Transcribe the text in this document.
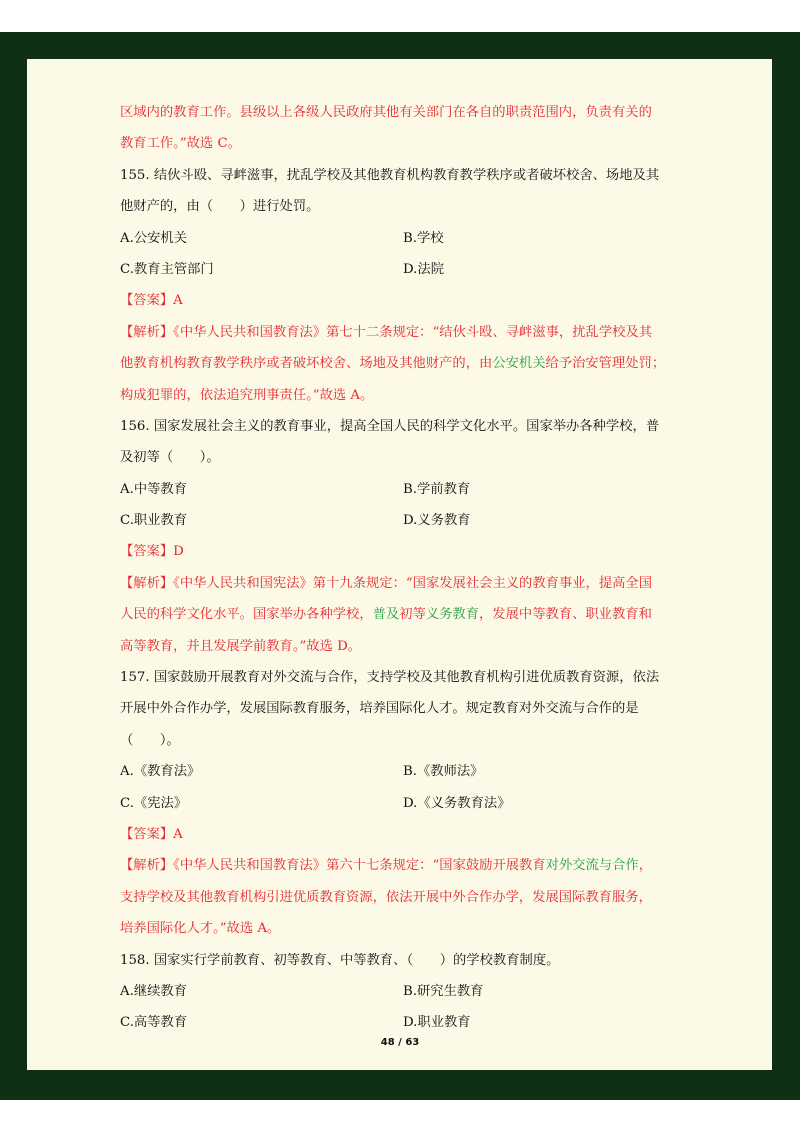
区域内的教育工作。县级以上各级人民政府其他有关部门在各自的职责范围内，负责有关的
教育工作。”故选 C。
155. 结伙斗殴、寻衅滋事，扰乱学校及其他教育机构教育教学秩序或者破坏校舍、场地及其
他财产的，由（　　）进行处罚。
A.公安机关	B.学校
C.教育主管部门	D.法院
【答案】A
【解析】《中华人民共和国教育法》第七十二条规定：“结伙斗殴、寻衅滋事，扰乱学校及其
他教育机构教育教学秩序或者破坏校舍、场地及其他财产的，由公安机关给予治安管理处罚；
构成犯罪的，依法追究刑事责任。”故选 A。
156. 国家发展社会主义的教育事业，提高全国人民的科学文化水平。国家举办各种学校，普
及初等（　　）。
A.中等教育	B.学前教育
C.职业教育	D.义务教育
【答案】D
【解析】《中华人民共和国宪法》第十九条规定：“国家发展社会主义的教育事业，提高全国
人民的科学文化水平。国家举办各种学校，普及初等义务教育，发展中等教育、职业教育和
高等教育，并且发展学前教育。”故选 D。
157. 国家鼓励开展教育对外交流与合作，支持学校及其他教育机构引进优质教育资源，依法
开展中外合作办学，发展国际教育服务，培养国际化人才。规定教育对外交流与合作的是
（　　）。
A.《教育法》	B.《教师法》
C.《宪法》	D.《义务教育法》
【答案】A
【解析】《中华人民共和国教育法》第六十七条规定：“国家鼓励开展教育对外交流与合作，
支持学校及其他教育机构引进优质教育资源，依法开展中外合作办学，发展国际教育服务，
培养国际化人才。”故选 A。
158. 国家实行学前教育、初等教育、中等教育、（　　）的学校教育制度。
A.继续教育	B.研究生教育
C.高等教育	D.职业教育
48 / 63
